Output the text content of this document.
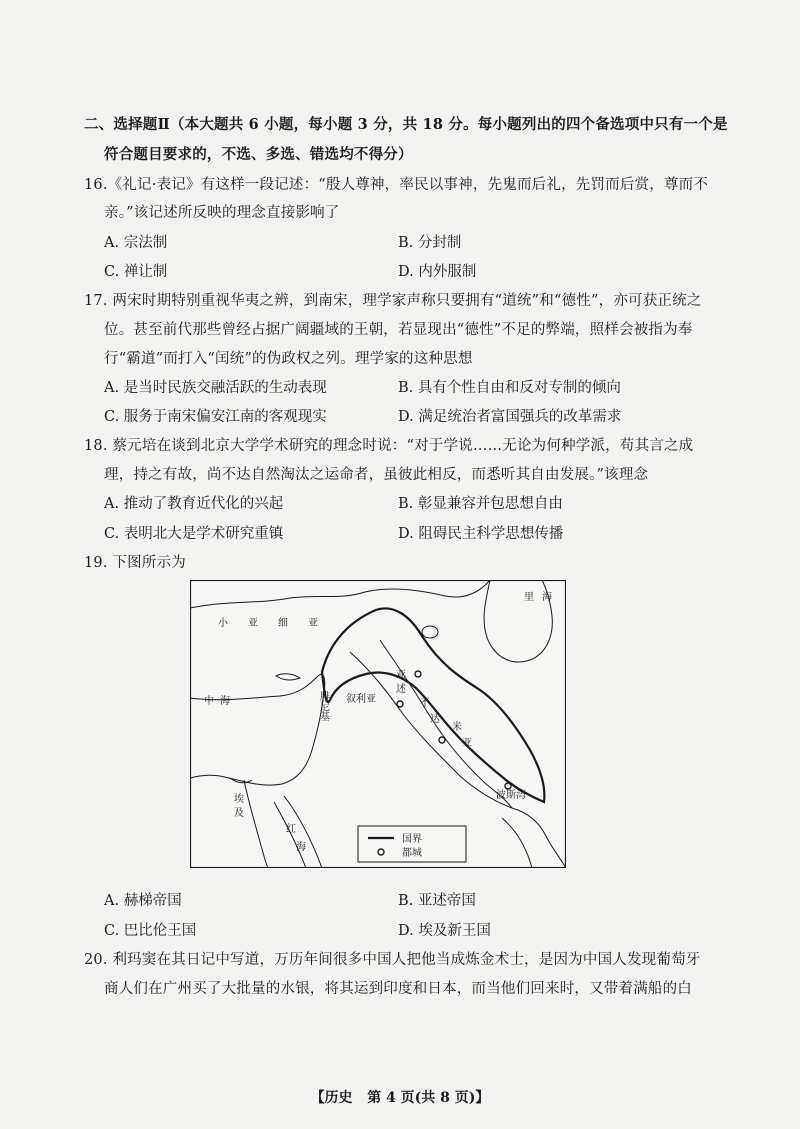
二、选择题Ⅱ（本大题共 6 小题，每小题 3 分，共 18 分。每小题列出的四个备选项中只有一个是
符合题目要求的，不选、多选、错选均不得分）
16.《礼记·表记》有这样一段记述：“殷人尊神，率民以事神，先鬼而后礼，先罚而后赏，尊而不
亲。”该记述所反映的理念直接影响了
A. 宗法制	B. 分封制
C. 禅让制	D. 内外服制
17. 两宋时期特别重视华夷之辨，到南宋，理学家声称只要拥有“道统”和“德性”，亦可获正统之
位。甚至前代那些曾经占据广阔疆域的王朝，若显现出“德性”不足的弊端，照样会被指为奉
行“霸道”而打入“闰统”的伪政权之列。理学家的这种思想
A. 是当时民族交融活跃的生动表现	B. 具有个性自由和反对专制的倾向
C. 服务于南宋偏安江南的客观现实	D. 满足统治者富国强兵的改革需求
18. 蔡元培在谈到北京大学学术研究的理念时说：“对于学说……无论为何种学派，苟其言之成
理，持之有故，尚不达自然淘汰之运命者，虽彼此相反，而悉听其自由发展。”该理念
A. 推动了教育近代化的兴起	B. 彰显兼容并包思想自由
C. 表明北大是学术研究重镇	D. 阻碍民主科学思想传播
19. 下图所示为
小 亚 细 亚
里 海
中 海	叙利亚
腓
尼
基
亚
述
不
达
米
亚
波斯湾
埃
及
红
海
国界
都城
A. 赫梯帝国	B. 亚述帝国
C. 巴比伦王国	D. 埃及新王国
20. 利玛窦在其日记中写道，万历年间很多中国人把他当成炼金术士，是因为中国人发现葡萄牙
商人们在广州买了大批量的水银，将其运到印度和日本，而当他们回来时，又带着满船的白
【历史 第 4 页(共 8 页)】
